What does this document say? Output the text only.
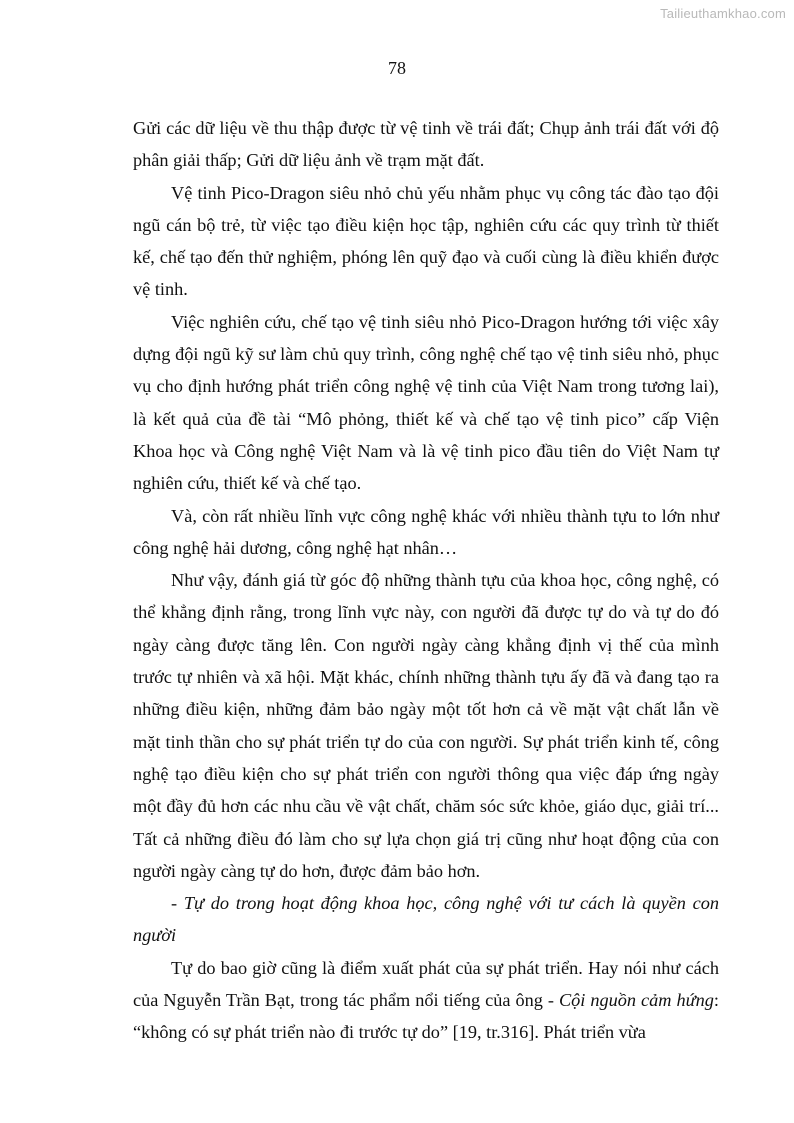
Tailieuthamkhao.com
78

Gửi các dữ liệu về thu thập được từ vệ tinh về trái đất; Chụp ảnh trái đất với độ phân giải thấp; Gửi dữ liệu ảnh về trạm mặt đất.

Vệ tinh Pico-Dragon siêu nhỏ chủ yếu nhằm phục vụ công tác đào tạo đội ngũ cán bộ trẻ, từ việc tạo điều kiện học tập, nghiên cứu các quy trình từ thiết kế, chế tạo đến thử nghiệm, phóng lên quỹ đạo và cuối cùng là điều khiển được vệ tinh.

Việc nghiên cứu, chế tạo vệ tinh siêu nhỏ Pico-Dragon hướng tới việc xây dựng đội ngũ kỹ sư làm chủ quy trình, công nghệ chế tạo vệ tinh siêu nhỏ, phục vụ cho định hướng phát triển công nghệ vệ tinh của Việt Nam trong tương lai), là kết quả của đề tài “Mô phỏng, thiết kế và chế tạo vệ tinh pico” cấp Viện Khoa học và Công nghệ Việt Nam và là vệ tinh pico đầu tiên do Việt Nam tự nghiên cứu, thiết kế và chế tạo.

Và, còn rất nhiều lĩnh vực công nghệ khác với nhiều thành tựu to lớn như công nghệ hải dương, công nghệ hạt nhân…

Như vậy, đánh giá từ góc độ những thành tựu của khoa học, công nghệ, có thể khẳng định rằng, trong lĩnh vực này, con người đã được tự do và tự do đó ngày càng được tăng lên. Con người ngày càng khẳng định vị thế của mình trước tự nhiên và xã hội. Mặt khác, chính những thành tựu ấy đã và đang tạo ra những điều kiện, những đảm bảo ngày một tốt hơn cả về mặt vật chất lẫn về mặt tinh thần cho sự phát triển tự do của con người. Sự phát triển kinh tế, công nghệ tạo điều kiện cho sự phát triển con người thông qua việc đáp ứng ngày một đầy đủ hơn các nhu cầu về vật chất, chăm sóc sức khỏe, giáo dục, giải trí... Tất cả những điều đó làm cho sự lựa chọn giá trị cũng như hoạt động của con người ngày càng tự do hơn, được đảm bảo hơn.

- Tự do trong hoạt động khoa học, công nghệ với tư cách là quyền con người

Tự do bao giờ cũng là điểm xuất phát của sự phát triển. Hay nói như cách của Nguyễn Trần Bạt, trong tác phẩm nổi tiếng của ông - Cội nguồn cảm hứng: “không có sự phát triển nào đi trước tự do” [19, tr.316]. Phát triển vừa
